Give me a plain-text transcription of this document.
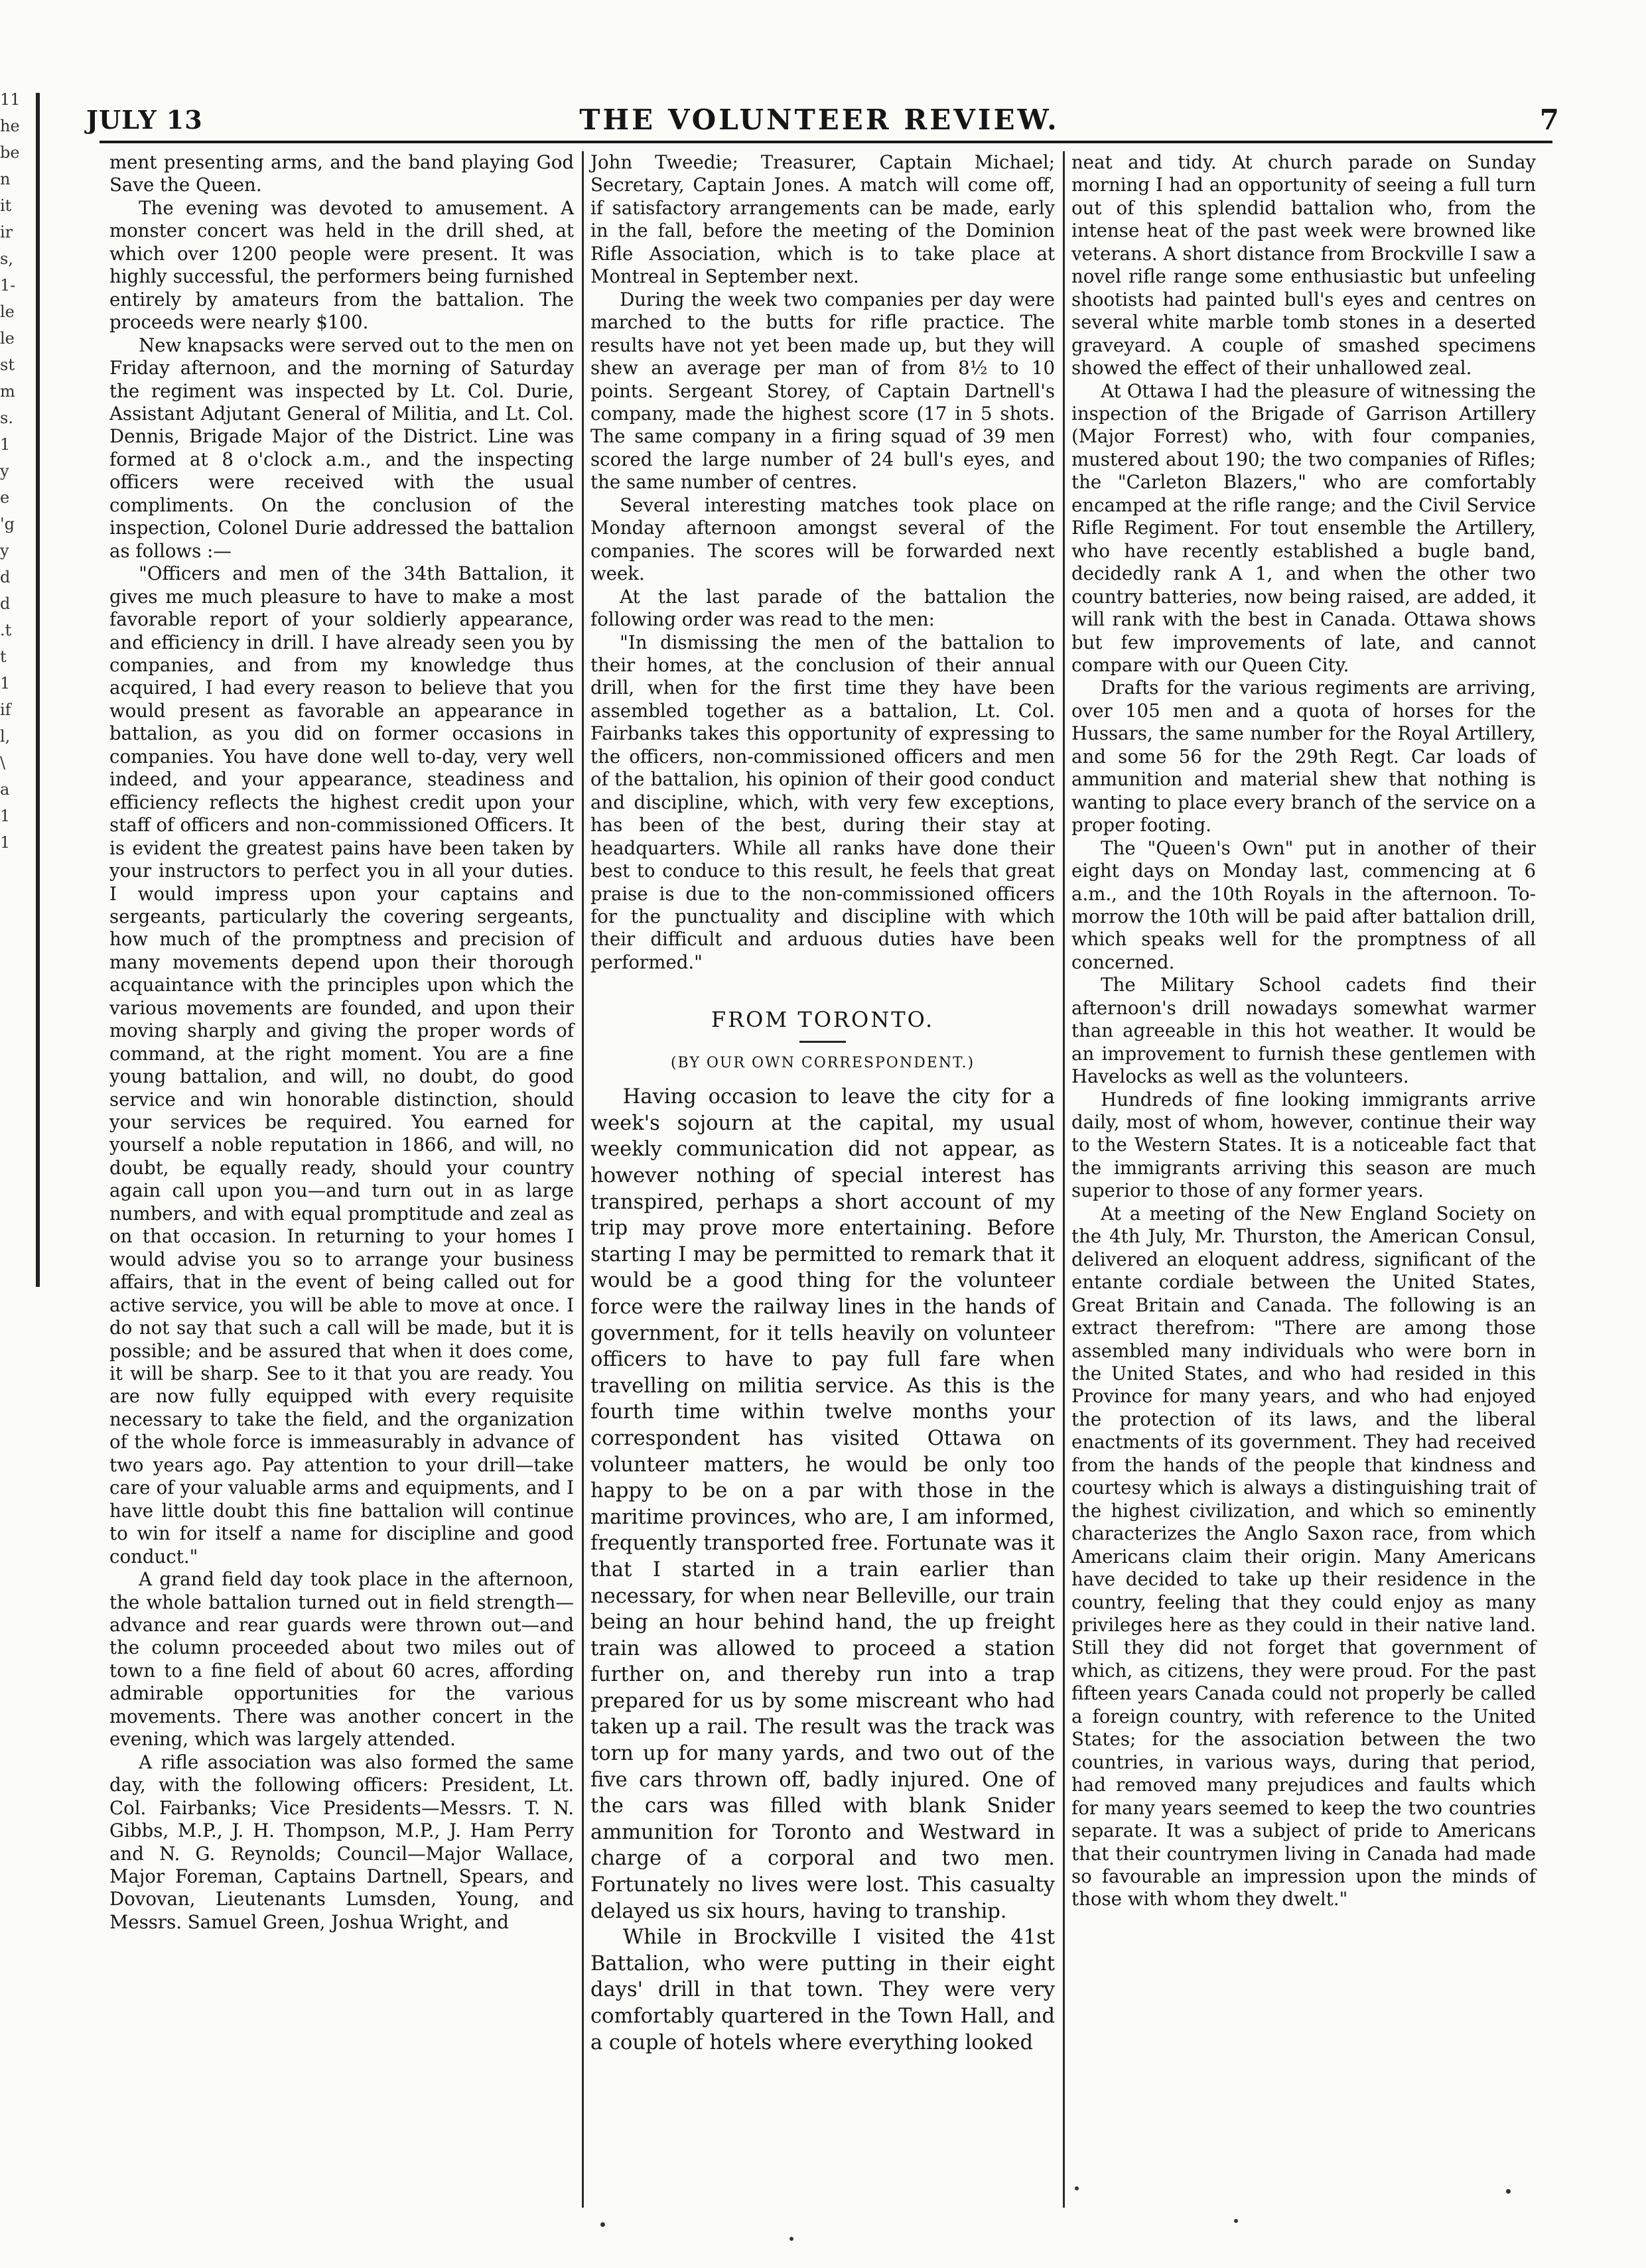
11
he
be
n
it
ir
s,
1-
le
le
st
m
s.
1
y
e
'g
y
d
d
.t
t
1
if
l,
\
a
1
1
JULY 13	THE VOLUNTEER REVIEW.	7

ment presenting arms, and the band playing God Save the Queen.

The evening was devoted to amusement. A monster concert was held in the drill shed, at which over 1200 people were present. It was highly successful, the performers being furnished entirely by amateurs from the battalion. The proceeds were nearly $100.

New knapsacks were served out to the men on Friday afternoon, and the morning of Saturday the regiment was inspected by Lt. Col. Durie, Assistant Adjutant General of Militia, and Lt. Col. Dennis, Brigade Major of the District. Line was formed at 8 o'clock a.m., and the inspecting officers were received with the usual compliments. On the conclusion of the inspection, Colonel Durie addressed the battalion as follows :—

"Officers and men of the 34th Battalion, it gives me much pleasure to have to make a most favorable report of your soldierly appearance, and efficiency in drill. I have already seen you by companies, and from my knowledge thus acquired, I had every reason to believe that you would present as favorable an appearance in battalion, as you did on former occasions in companies. You have done well to-day, very well indeed, and your appearance, steadiness and efficiency reflects the highest credit upon your staff of officers and non-commissioned Officers. It is evident the greatest pains have been taken by your instructors to perfect you in all your duties. I would impress upon your captains and sergeants, particularly the covering sergeants, how much of the promptness and precision of many movements depend upon their thorough acquaintance with the principles upon which the various movements are founded, and upon their moving sharply and giving the proper words of command, at the right moment. You are a fine young battalion, and will, no doubt, do good service and win honorable distinction, should your services be required. You earned for yourself a noble reputation in 1866, and will, no doubt, be equally ready, should your country again call upon you—and turn out in as large numbers, and with equal promptitude and zeal as on that occasion. In returning to your homes I would advise you so to arrange your business affairs, that in the event of being called out for active service, you will be able to move at once. I do not say that such a call will be made, but it is possible; and be assured that when it does come, it will be sharp. See to it that you are ready. You are now fully equipped with every requisite necessary to take the field, and the organization of the whole force is immeasurably in advance of two years ago. Pay attention to your drill—take care of your valuable arms and equipments, and I have little doubt this fine battalion will continue to win for itself a name for discipline and good conduct."

A grand field day took place in the afternoon, the whole battalion turned out in field strength—advance and rear guards were thrown out—and the column proceeded about two miles out of town to a fine field of about 60 acres, affording admirable opportunities for the various movements. There was another concert in the evening, which was largely attended.

A rifle association was also formed the same day, with the following officers: President, Lt. Col. Fairbanks; Vice Presidents—Messrs. T. N. Gibbs, M.P., J. H. Thompson, M.P., J. Ham Perry and N. G. Reynolds; Council—Major Wallace, Major Foreman, Captains Dartnell, Spears, and Dovovan, Lieutenants Lumsden, Young, and Messrs. Samuel Green, Joshua Wright, and

John Tweedie; Treasurer, Captain Michael; Secretary, Captain Jones. A match will come off, if satisfactory arrangements can be made, early in the fall, before the meeting of the Dominion Rifle Association, which is to take place at Montreal in September next.

During the week two companies per day were marched to the butts for rifle practice. The results have not yet been made up, but they will shew an average per man of from 8½ to 10 points. Sergeant Storey, of Captain Dartnell's company, made the highest score (17 in 5 shots. The same company in a firing squad of 39 men scored the large number of 24 bull's eyes, and the same number of centres.

Several interesting matches took place on Monday afternoon amongst several of the companies. The scores will be forwarded next week.

At the last parade of the battalion the following order was read to the men:

"In dismissing the men of the battalion to their homes, at the conclusion of their annual drill, when for the first time they have been assembled together as a battalion, Lt. Col. Fairbanks takes this opportunity of expressing to the officers, non-commissioned officers and men of the battalion, his opinion of their good conduct and discipline, which, with very few exceptions, has been of the best, during their stay at headquarters. While all ranks have done their best to conduce to this result, he feels that great praise is due to the non-commissioned officers for the punctuality and discipline with which their difficult and arduous duties have been performed."

FROM TORONTO.
(BY OUR OWN CORRESPONDENT.)

Having occasion to leave the city for a week's sojourn at the capital, my usual weekly communication did not appear, as however nothing of special interest has transpired, perhaps a short account of my trip may prove more entertaining. Before starting I may be permitted to remark that it would be a good thing for the volunteer force were the railway lines in the hands of government, for it tells heavily on volunteer officers to have to pay full fare when travelling on militia service. As this is the fourth time within twelve months your correspondent has visited Ottawa on volunteer matters, he would be only too happy to be on a par with those in the maritime provinces, who are, I am informed, frequently transported free. Fortunate was it that I started in a train earlier than necessary, for when near Belleville, our train being an hour behind hand, the up freight train was allowed to proceed a station further on, and thereby run into a trap prepared for us by some miscreant who had taken up a rail. The result was the track was torn up for many yards, and two out of the five cars thrown off, badly injured. One of the cars was filled with blank Snider ammunition for Toronto and Westward in charge of a corporal and two men. Fortunately no lives were lost. This casualty delayed us six hours, having to tranship.

While in Brockville I visited the 41st Battalion, who were putting in their eight days' drill in that town. They were very comfortably quartered in the Town Hall, and a couple of hotels where everything looked

neat and tidy. At church parade on Sunday morning I had an opportunity of seeing a full turn out of this splendid battalion who, from the intense heat of the past week were browned like veterans. A short distance from Brockville I saw a novel rifle range some enthusiastic but unfeeling shootists had painted bull's eyes and centres on several white marble tomb stones in a deserted graveyard. A couple of smashed specimens showed the effect of their unhallowed zeal.

At Ottawa I had the pleasure of witnessing the inspection of the Brigade of Garrison Artillery (Major Forrest) who, with four companies, mustered about 190; the two companies of Rifles; the "Carleton Blazers," who are comfortably encamped at the rifle range; and the Civil Service Rifle Regiment. For tout ensemble the Artillery, who have recently established a bugle band, decidedly rank A 1, and when the other two country batteries, now being raised, are added, it will rank with the best in Canada. Ottawa shows but few improvements of late, and cannot compare with our Queen City.

Drafts for the various regiments are arriving, over 105 men and a quota of horses for the Hussars, the same number for the Royal Artillery, and some 56 for the 29th Regt. Car loads of ammunition and material shew that nothing is wanting to place every branch of the service on a proper footing.

The "Queen's Own" put in another of their eight days on Monday last, commencing at 6 a.m., and the 10th Royals in the afternoon. To-morrow the 10th will be paid after battalion drill, which speaks well for the promptness of all concerned.

The Military School cadets find their afternoon's drill nowadays somewhat warmer than agreeable in this hot weather. It would be an improvement to furnish these gentlemen with Havelocks as well as the volunteers.

Hundreds of fine looking immigrants arrive daily, most of whom, however, continue their way to the Western States. It is a noticeable fact that the immigrants arriving this season are much superior to those of any former years.

At a meeting of the New England Society on the 4th July, Mr. Thurston, the American Consul, delivered an eloquent address, significant of the entante cordiale between the United States, Great Britain and Canada. The following is an extract therefrom: "There are among those assembled many individuals who were born in the United States, and who had resided in this Province for many years, and who had enjoyed the protection of its laws, and the liberal enactments of its government. They had received from the hands of the people that kindness and courtesy which is always a distinguishing trait of the highest civilization, and which so eminently characterizes the Anglo Saxon race, from which Americans claim their origin. Many Americans have decided to take up their residence in the country, feeling that they could enjoy as many privileges here as they could in their native land. Still they did not forget that government of which, as citizens, they were proud. For the past fifteen years Canada could not properly be called a foreign country, with reference to the United States; for the association between the two countries, in various ways, during that period, had removed many prejudices and faults which for many years seemed to keep the two countries separate. It was a subject of pride to Americans that their countrymen living in Canada had made so favourable an impression upon the minds of those with whom they dwelt."
